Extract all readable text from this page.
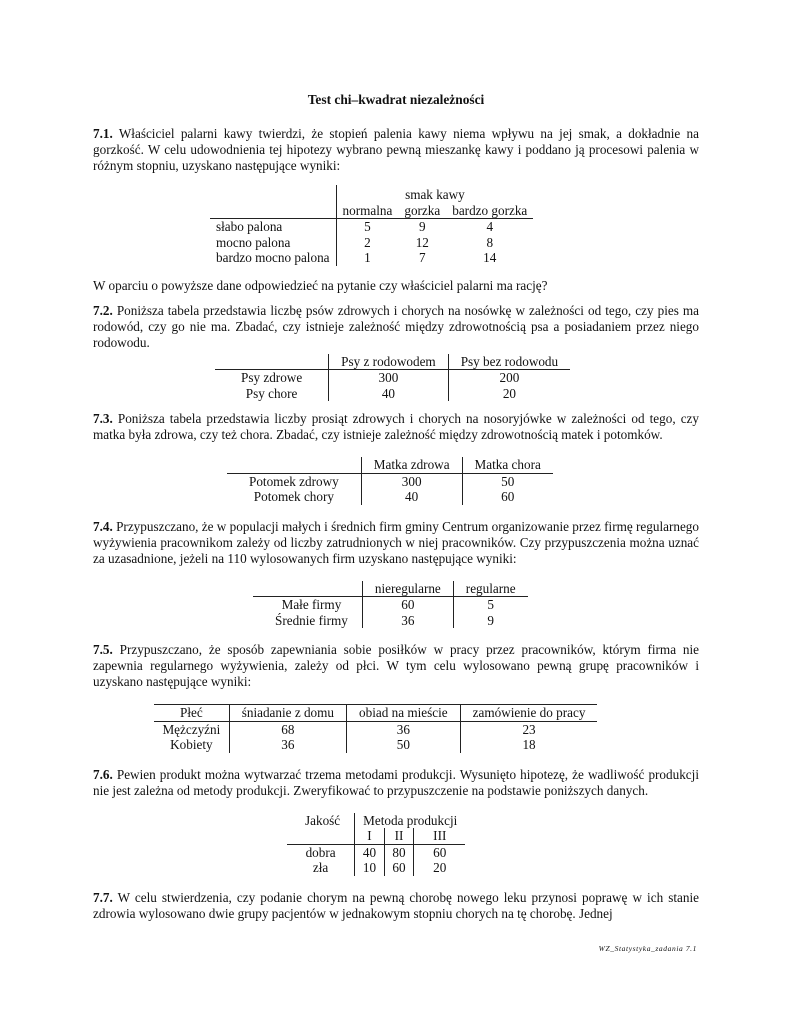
Test chi–kwadrat niezależności

7.1. Właściciel palarni kawy twierdzi, że stopień palenia kawy niema wpływu na jej smak, a dokładnie na gorzkość. W celu udowodnienia tej hipotezy wybrano pewną mieszankę kawy i poddano ją procesowi palenia w różnym stopniu, uzyskano następujące wyniki:

	smak kawy		
	normalna	gorzka	bardzo gorzka
słabo palona	5	9	4
mocno palona	2	12	8
bardzo mocno palona	1	7	14

W oparciu o powyższe dane odpowiedzieć na pytanie czy właściciel palarni ma rację?

7.2. Poniższa tabela przedstawia liczbę psów zdrowych i chorych na nosówkę w zależności od tego, czy pies ma rodowód, czy go nie ma. Zbadać, czy istnieje zależność między zdrowotnością psa a posiadaniem przez niego rodowodu.

	Psy z rodowodem	Psy bez rodowodu
Psy zdrowe	300	200
Psy chore	40	20

7.3. Poniższa tabela przedstawia liczby prosiąt zdrowych i chorych na nosoryjówke w zależności od tego, czy matka była zdrowa, czy też chora. Zbadać, czy istnieje zależność między zdrowotnością matek i potomków.

	Matka zdrowa	Matka chora
Potomek zdrowy	300	50
Potomek chory	40	60

7.4. Przypuszczano, że w populacji małych i średnich firm gminy Centrum organizowanie przez firmę regularnego wyżywienia pracownikom zależy od liczby zatrudnionych w niej pracowników. Czy przypuszczenia można uznać za uzasadnione, jeżeli na 110 wylosowanych firm uzyskano następujące wyniki:

	nieregularne	regularne
Małe firmy	60	5
Średnie firmy	36	9

7.5. Przypuszczano, że sposób zapewniania sobie posiłków w pracy przez pracowników, którym firma nie zapewnia regularnego wyżywienia, zależy od płci. W tym celu wylosowano pewną grupę pracowników i uzyskano następujące wyniki:

Płeć	śniadanie z domu	obiad na mieście	zamówienie do pracy
Mężczyźni	68	36	23
Kobiety	36	50	18

7.6. Pewien produkt można wytwarzać trzema metodami produkcji. Wysunięto hipotezę, że wadliwość produkcji nie jest zależna od metody produkcji. Zweryfikować to przypuszczenie na podstawie poniższych danych.

Jakość	Metoda produkcji		
	I	II	III
dobra	40	80	60
zła	10	60	20

7.7. W celu stwierdzenia, czy podanie chorym na pewną chorobę nowego leku przynosi poprawę w ich stanie zdrowia wylosowano dwie grupy pacjentów w jednakowym stopniu chorych na tę chorobę. Jednej

WZ_Statystyka_zadania 7.1
